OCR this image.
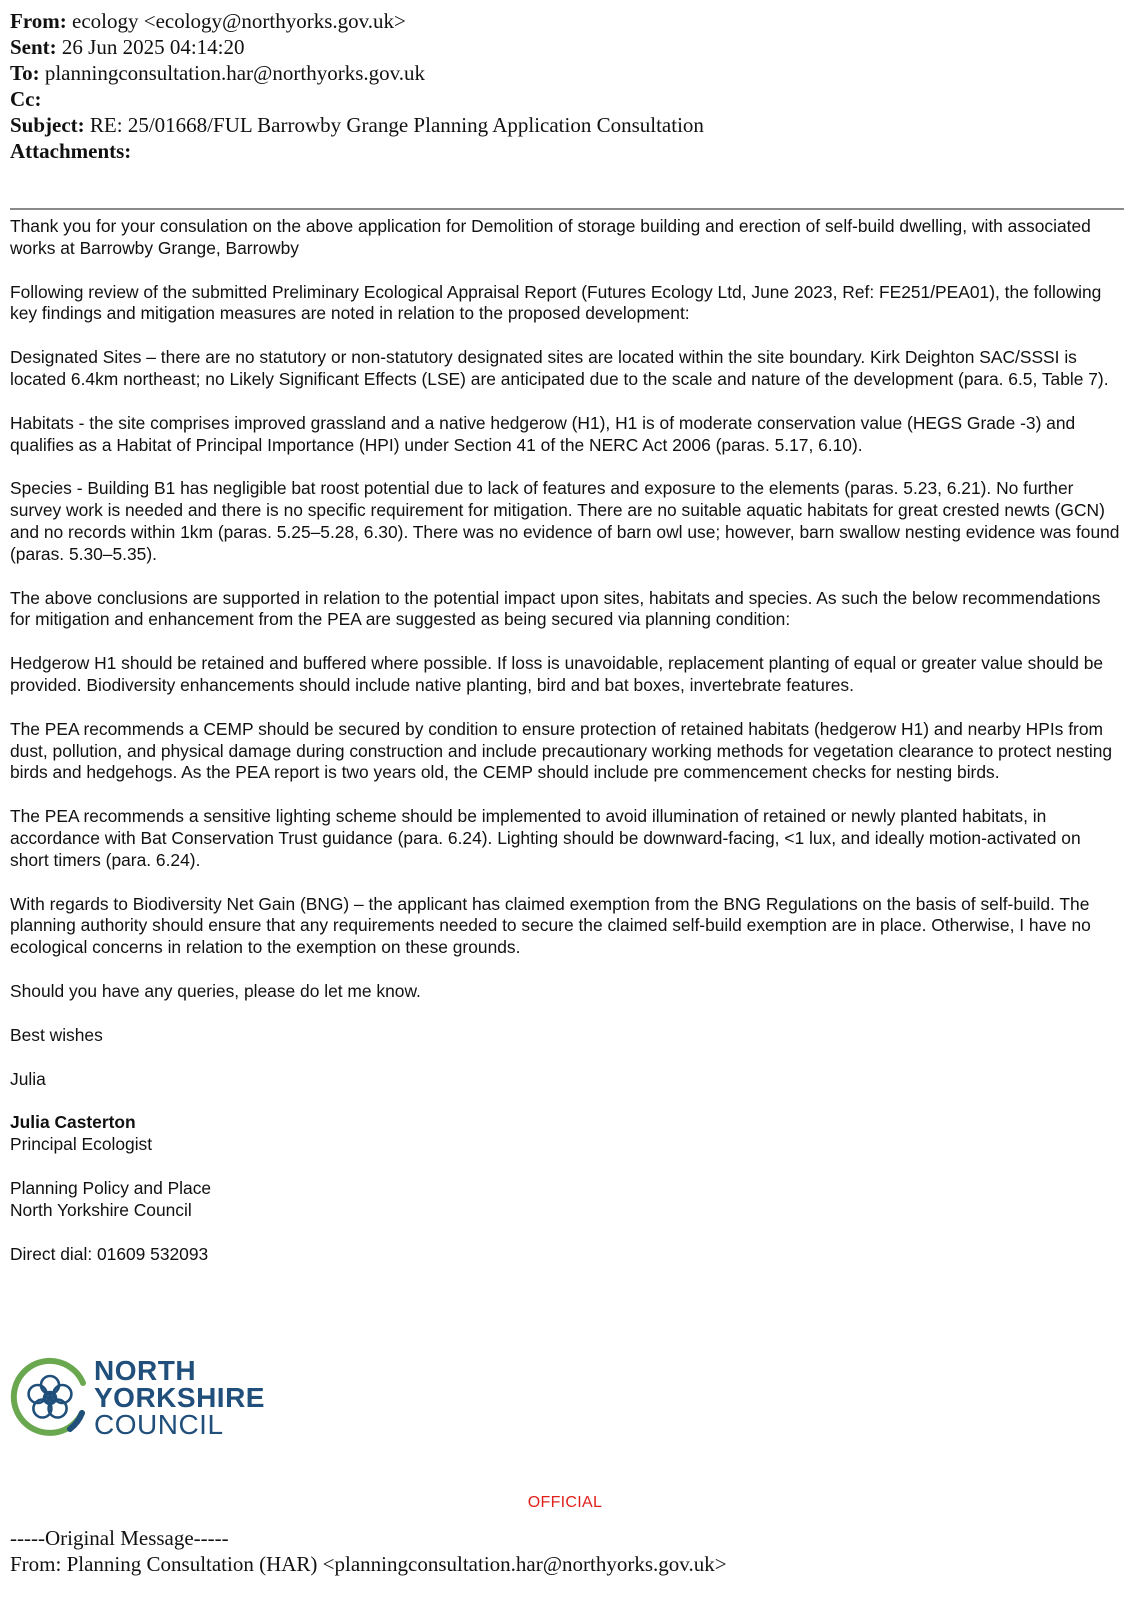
From: ecology <ecology@northyorks.gov.uk>
Sent: 26 Jun 2025 04:14:20
To: planningconsultation.har@northyorks.gov.uk
Cc:
Subject: RE: 25/01668/FUL Barrowby Grange Planning Application Consultation
Attachments:

Thank you for your consulation on the above application for Demolition of storage building and erection of self-build dwelling, with associated works at Barrowby Grange, Barrowby

Following review of the submitted Preliminary Ecological Appraisal Report (Futures Ecology Ltd, June 2023, Ref: FE251/PEA01), the following key findings and mitigation measures are noted in relation to the proposed development:

Designated Sites – there are no statutory or non-statutory designated sites are located within the site boundary. Kirk Deighton SAC/SSSI is located 6.4km northeast; no Likely Significant Effects (LSE) are anticipated due to the scale and nature of the development (para. 6.5, Table 7).

Habitats - the site comprises improved grassland and a native hedgerow (H1), H1 is of moderate conservation value (HEGS Grade -3) and qualifies as a Habitat of Principal Importance (HPI) under Section 41 of the NERC Act 2006 (paras. 5.17, 6.10).

Species - Building B1 has negligible bat roost potential due to lack of features and exposure to the elements (paras. 5.23, 6.21). No further survey work is needed and there is no specific requirement for mitigation. There are no suitable aquatic habitats for great crested newts (GCN) and no records within 1km (paras. 5.25–5.28, 6.30). There was no evidence of barn owl use; however, barn swallow nesting evidence was found (paras. 5.30–5.35).

The above conclusions are supported in relation to the potential impact upon sites, habitats and species. As such the below recommendations for mitigation and enhancement from the PEA are suggested as being secured via planning condition:

Hedgerow H1 should be retained and buffered where possible. If loss is unavoidable, replacement planting of equal or greater value should be provided. Biodiversity enhancements should include native planting, bird and bat boxes, invertebrate features.

The PEA recommends a CEMP should be secured by condition to ensure protection of retained habitats (hedgerow H1) and nearby HPIs from dust, pollution, and physical damage during construction and include precautionary working methods for vegetation clearance to protect nesting birds and hedgehogs. As the PEA report is two years old, the CEMP should include pre commencement checks for nesting birds.

The PEA recommends a sensitive lighting scheme should be implemented to avoid illumination of retained or newly planted habitats, in accordance with Bat Conservation Trust guidance (para. 6.24). Lighting should be downward-facing, <1 lux, and ideally motion-activated on short timers (para. 6.24).

With regards to Biodiversity Net Gain (BNG) – the applicant has claimed exemption from the BNG Regulations on the basis of self-build. The planning authority should ensure that any requirements needed to secure the claimed self-build exemption are in place. Otherwise, I have no ecological concerns in relation to the exemption on these grounds.

Should you have any queries, please do let me know.

Best wishes

Julia

Julia Casterton
Principal Ecologist

Planning Policy and Place
North Yorkshire Council

Direct dial: 01609 532093

NORTH
YORKSHIRE
COUNCIL
OFFICIAL
-----Original Message-----
From: Planning Consultation (HAR) <planningconsultation.har@northyorks.gov.uk>
